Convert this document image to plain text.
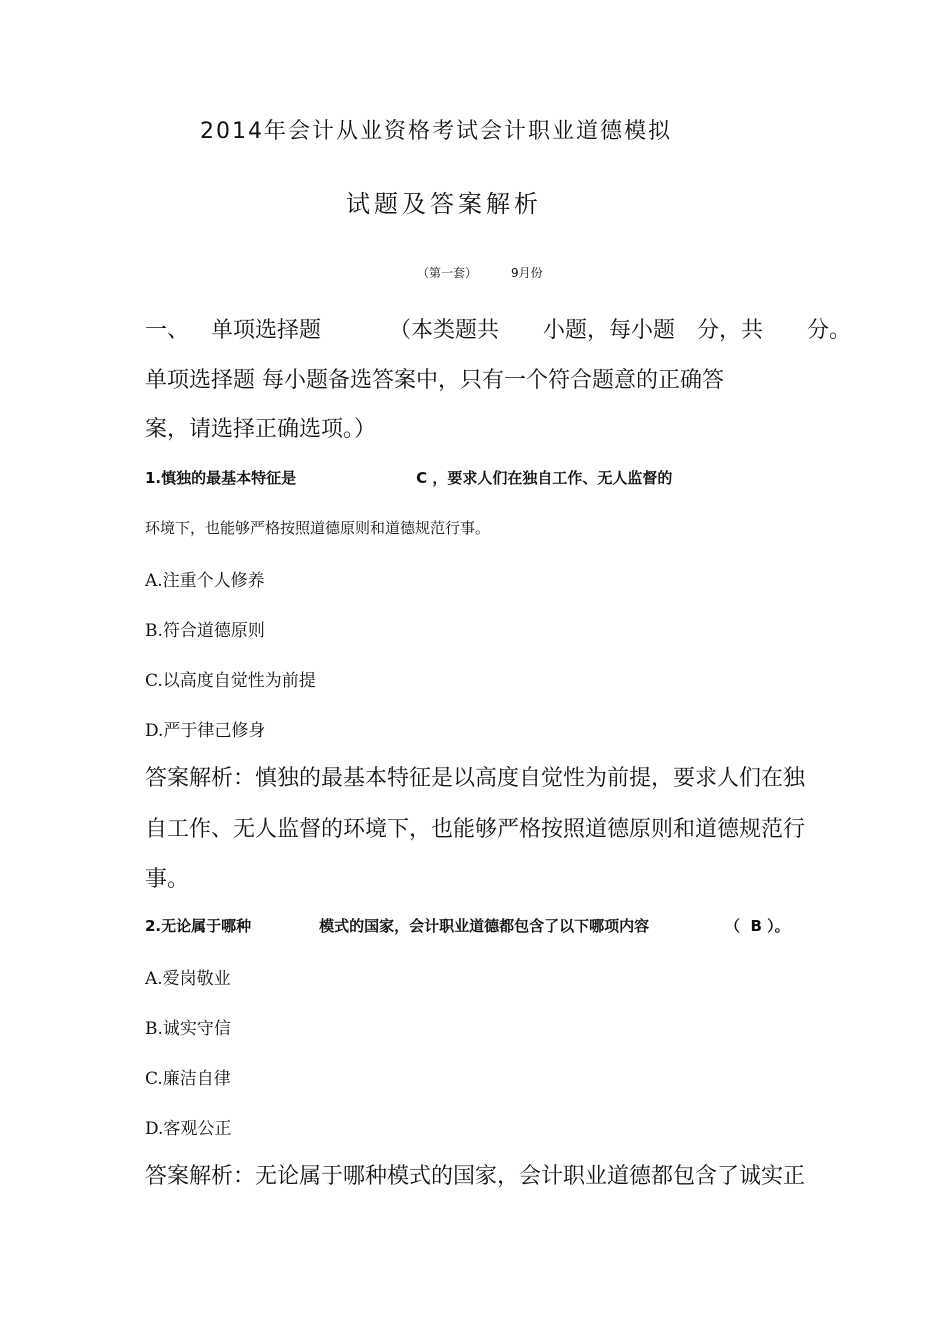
2014年会计从业资格考试会计职业道德模拟
试题及答案解析
（第一套）	9月份
一、 单项选择题	（本类题共　　小题，每小题　分，共　　分。
单项选择题 每小题备选答案中，只有一个符合题意的正确答
案，请选择正确选项。）
1.慎独的最基本特征是	C ，要求人们在独自工作、无人监督的
环境下，也能够严格按照道德原则和道德规范行事。
A.注重个人修养
B.符合道德原则
C.以高度自觉性为前提
D.严于律己修身
答案解析：慎独的最基本特征是以高度自觉性为前提，要求人们在独
自工作、无人监督的环境下，也能够严格按照道德原则和道德规范行
事。
2.无论属于哪种	模式的国家，会计职业道德都包含了以下哪项内容	（ B ）。
A.爱岗敬业
B.诚实守信
C.廉洁自律
D.客观公正
答案解析：无论属于哪种模式的国家，会计职业道德都包含了诚实正
